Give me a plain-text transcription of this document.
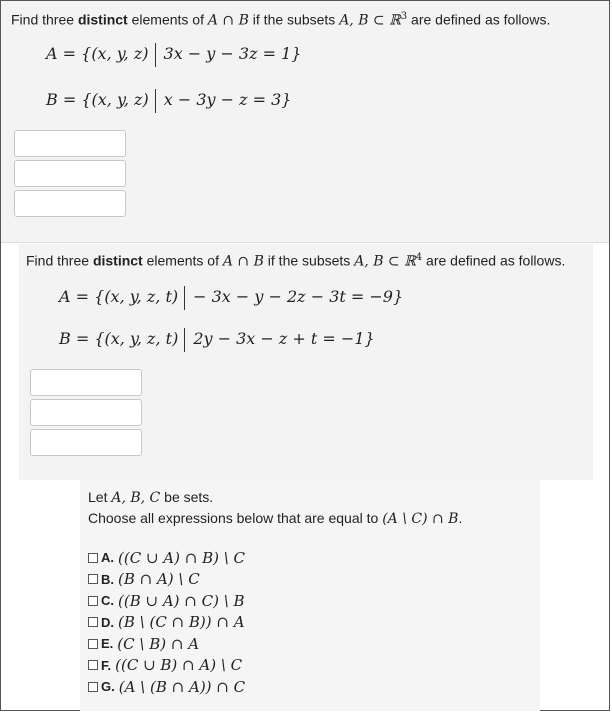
Find three distinct elements of A ∩ B if the subsets A, B ⊂ ℝ$^3$ are defined as follows.
A = {(x, y, z) 3x − y − 3z = 1}
B = {(x, y, z) x − 3y − z = 3}
Find three distinct elements of A ∩ B if the subsets A, B ⊂ ℝ$^4$ are defined as follows.
A = {(x, y, z, t) − 3x − y − 2z − 3t = −9}
B = {(x, y, z, t) 2y − 3x − z + t = −1}
Let A, B, C be sets.
Choose all expressions below that are equal to (A \ C) ∩ B.
A. ((C ∪ A) ∩ B) \ C
B. (B ∩ A) \ C
C. ((B ∪ A) ∩ C) \ B
D. (B \ (C ∩ B)) ∩ A
E. (C \ B) ∩ A
F. ((C ∪ B) ∩ A) \ C
G. (A \ (B ∩ A)) ∩ C
